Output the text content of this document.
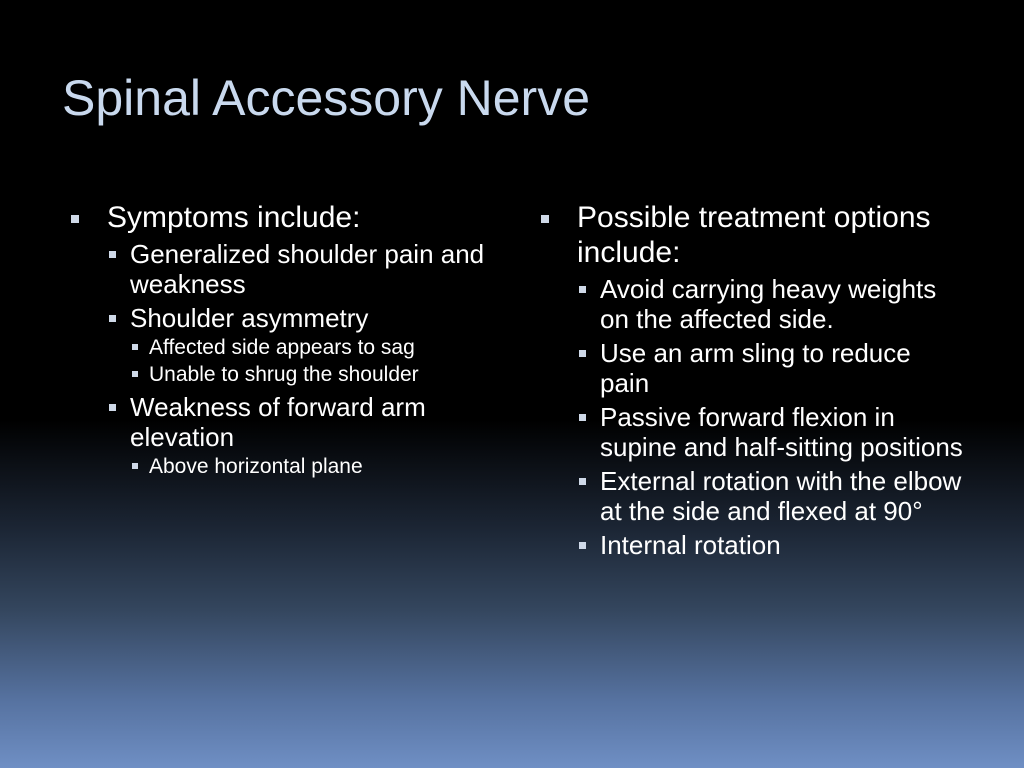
Spinal Accessory Nerve
Symptoms include:
Generalized shoulder pain and weakness
Shoulder asymmetry
Affected side appears to sag
Unable to shrug the shoulder
Weakness of forward arm elevation
Above horizontal plane
Possible treatment options include:
Avoid carrying heavy weights on the affected side.
Use an arm sling to reduce pain
Passive forward flexion in supine and half-sitting positions
External rotation with the elbow at the side and flexed at 90°
Internal rotation
